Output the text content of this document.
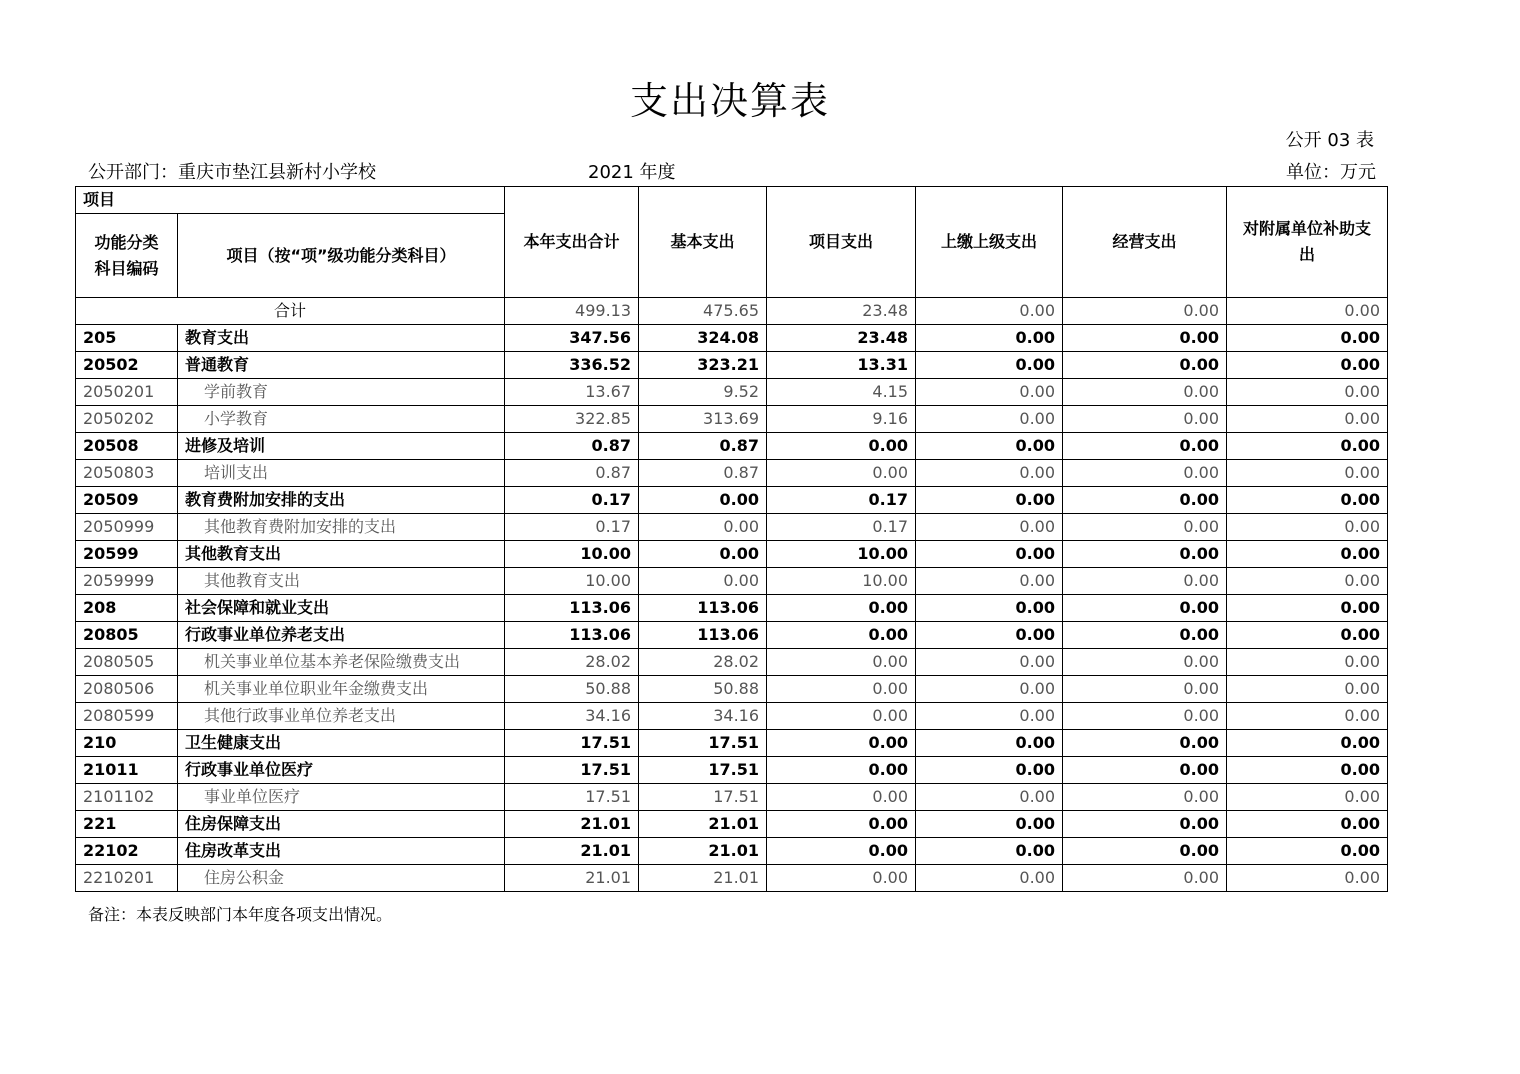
支出决算表
公开 03 表
公开部门：重庆市垫江县新村小学校	2021 年度	单位：万元
项目		本年支出合计	基本支出	项目支出	上缴上级支出	经营支出	对附属单位补助支出
功能分类科目编码	项目（按“项”级功能分类科目）						
合计		499.13	475.65	23.48	0.00	0.00	0.00
205	教育支出	347.56	324.08	23.48	0.00	0.00	0.00
20502	普通教育	336.52	323.21	13.31	0.00	0.00	0.00
2050201	学前教育	13.67	9.52	4.15	0.00	0.00	0.00
2050202	小学教育	322.85	313.69	9.16	0.00	0.00	0.00
20508	进修及培训	0.87	0.87	0.00	0.00	0.00	0.00
2050803	培训支出	0.87	0.87	0.00	0.00	0.00	0.00
20509	教育费附加安排的支出	0.17	0.00	0.17	0.00	0.00	0.00
2050999	其他教育费附加安排的支出	0.17	0.00	0.17	0.00	0.00	0.00
20599	其他教育支出	10.00	0.00	10.00	0.00	0.00	0.00
2059999	其他教育支出	10.00	0.00	10.00	0.00	0.00	0.00
208	社会保障和就业支出	113.06	113.06	0.00	0.00	0.00	0.00
20805	行政事业单位养老支出	113.06	113.06	0.00	0.00	0.00	0.00
2080505	机关事业单位基本养老保险缴费支出	28.02	28.02	0.00	0.00	0.00	0.00
2080506	机关事业单位职业年金缴费支出	50.88	50.88	0.00	0.00	0.00	0.00
2080599	其他行政事业单位养老支出	34.16	34.16	0.00	0.00	0.00	0.00
210	卫生健康支出	17.51	17.51	0.00	0.00	0.00	0.00
21011	行政事业单位医疗	17.51	17.51	0.00	0.00	0.00	0.00
2101102	事业单位医疗	17.51	17.51	0.00	0.00	0.00	0.00
221	住房保障支出	21.01	21.01	0.00	0.00	0.00	0.00
22102	住房改革支出	21.01	21.01	0.00	0.00	0.00	0.00
2210201	住房公积金	21.01	21.01	0.00	0.00	0.00	0.00
备注：本表反映部门本年度各项支出情况。
